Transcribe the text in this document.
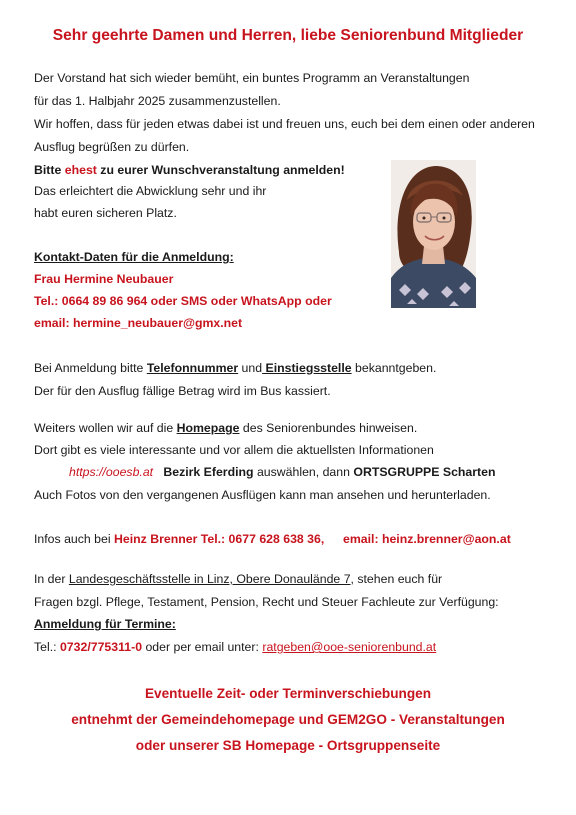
Sehr geehrte Damen und Herren, liebe Seniorenbund Mitglieder
Der Vorstand hat sich wieder bemüht, ein buntes Programm an Veranstaltungen
für das 1. Halbjahr 2025 zusammenzustellen.
Wir hoffen, dass für jeden etwas dabei ist und freuen uns, euch bei dem einen oder anderen
Ausflug begrüßen zu dürfen.
Bitte ehest zu eurer Wunschveranstaltung anmelden!
Das erleichtert die Abwicklung sehr und ihr
habt euren sicheren Platz.
Kontakt-Daten für die Anmeldung:
Frau Hermine Neubauer
Tel.: 0664 89 86 964 oder SMS oder WhatsApp oder
email: hermine_neubauer@gmx.net
Bei Anmeldung bitte Telefonnummer und Einstiegsstelle bekanntgeben.
Der für den Ausflug fällige Betrag wird im Bus kassiert.
Weiters wollen wir auf die Homepage des Seniorenbundes hinweisen.
Dort gibt es viele interessante und vor allem die aktuellsten Informationen
https://ooesb.at Bezirk Eferding auswählen, dann ORTSGRUPPE Scharten
Auch Fotos von den vergangenen Ausflügen kann man ansehen und herunterladen.
Infos auch bei Heinz Brenner Tel.: 0677 628 638 36, email: heinz.brenner@aon.at
In der Landesgeschäftsstelle in Linz, Obere Donaulände 7, stehen euch für
Fragen bzgl. Pflege, Testament, Pension, Recht und Steuer Fachleute zur Verfügung:
Anmeldung für Termine:
Tel.: 0732/775311-0 oder per email unter: ratgeben@ooe-seniorenbund.at
Eventuelle Zeit- oder Terminverschiebungen
entnehmt der Gemeindehomepage und GEM2GO - Veranstaltungen
oder unserer SB Homepage - Ortsgruppenseite
